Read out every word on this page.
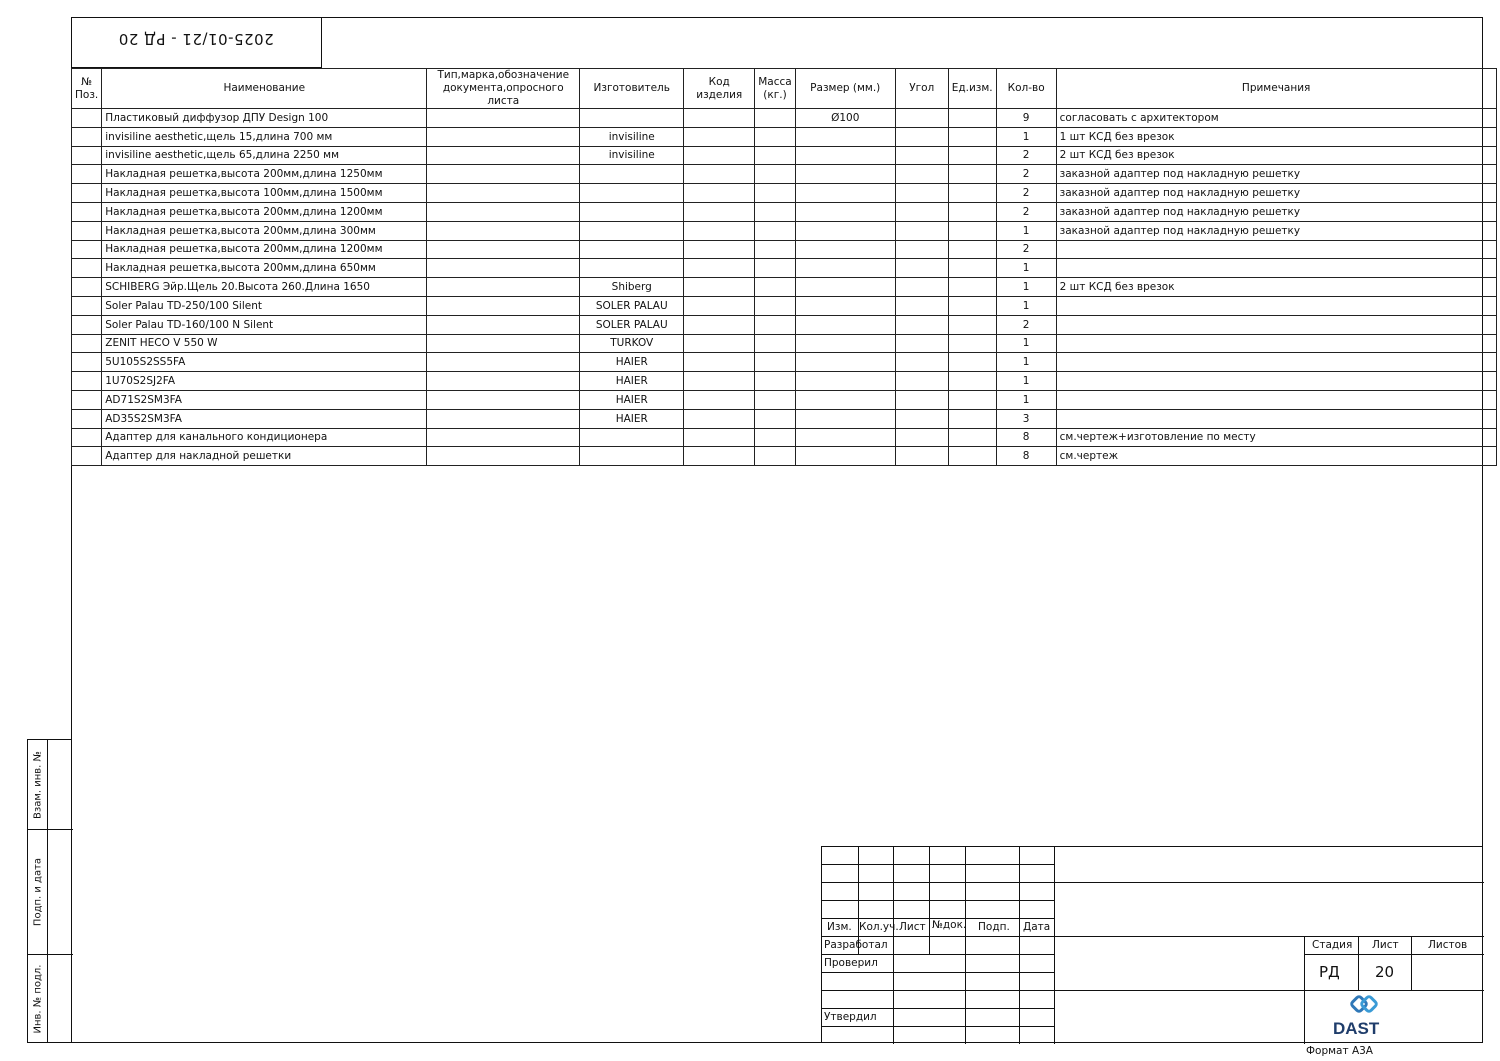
2025-01/21 - РД 20
№
Поз.	Наименование	Тип,марка,обозначение
документа,опросного листа	Изготовитель	Код изделия	Масса
(кг.)	Размер (мм.)	Угол	Ед.изм.	Кол-во	Примечания
	Пластиковый диффузор ДПУ Design 100					Ø100			9	согласовать с архитектором
	invisiline aesthetic,щель 15,длина 700 мм		invisiline						1	1 шт КСД без врезок
	invisiline aesthetic,щель 65,длина 2250 мм		invisiline						2	2 шт КСД без врезок
	Накладная решетка,высота 200мм,длина 1250мм								2	заказной адаптер под накладную решетку
	Накладная решетка,высота 100мм,длина 1500мм								2	заказной адаптер под накладную решетку
	Накладная решетка,высота 200мм,длина 1200мм								2	заказной адаптер под накладную решетку
	Накладная решетка,высота 200мм,длина 300мм								1	заказной адаптер под накладную решетку
	Накладная решетка,высота 200мм,длина 1200мм								2	
	Накладная решетка,высота 200мм,длина 650мм								1	
	SCHIBERG Эйр.Щель 20.Высота 260.Длина 1650		Shiberg						1	2 шт КСД без врезок
	Soler Palau TD-250/100 Silent		SOLER PALAU						1	
	Soler Palau TD-160/100 N Silent		SOLER PALAU						2	
	ZENIT HECO V 550 W		TURKOV						1	
	5U105S2SS5FA		HAIER						1	
	1U70S2SJ2FA		HAIER						1	
	AD71S2SM3FA		HAIER						1	
	AD35S2SM3FA		HAIER						3	
	Адаптер для канального кондиционера								8	см.чертеж+изготовление по месту
	Адаптер для накладной решетки								8	см.чертеж
Взам. инв. №
Подп. и дата
Инв. № подл.
Изм. Кол.уч. Лист №док. Подп. Дата
Разработал
Проверил
Утвердил
Стадия Лист	Листов
РД 20
DAST
Формат А3А
